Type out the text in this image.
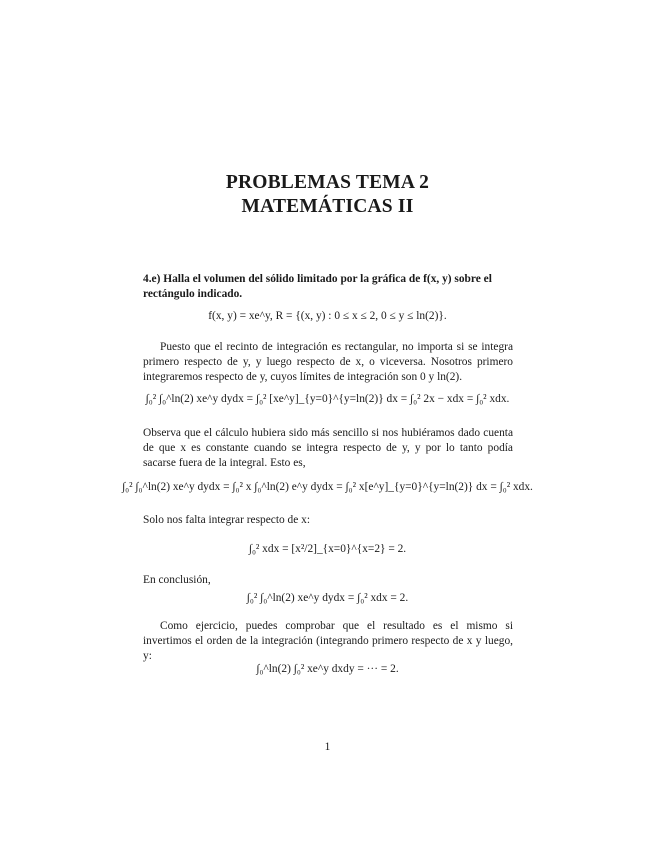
PROBLEMAS TEMA 2
MATEMÁTICAS II
4.e) Halla el volumen del sólido limitado por la gráfica de f(x, y) sobre el rectángulo indicado.
f(x, y) = xe^y, R = {(x, y) : 0 ≤ x ≤ 2, 0 ≤ y ≤ ln(2)}.
Puesto que el recinto de integración es rectangular, no importa si se integra primero respecto de y, y luego respecto de x, o viceversa. Nosotros primero integraremos respecto de y, cuyos límites de integración son 0 y ln(2).
∫₀² ∫₀^ln(2) xe^y dydx = ∫₀² [xe^y]_{y=0}^{y=ln(2)} dx = ∫₀² 2x − xdx = ∫₀² xdx.
Observa que el cálculo hubiera sido más sencillo si nos hubiéramos dado cuenta de que x es constante cuando se integra respecto de y, y por lo tanto podía sacarse fuera de la integral. Esto es,
∫₀² ∫₀^ln(2) xe^y dydx = ∫₀² x ∫₀^ln(2) e^y dydx = ∫₀² x[e^y]_{y=0}^{y=ln(2)} dx = ∫₀² xdx.
Solo nos falta integrar respecto de x:
∫₀² xdx = [x²/2]_{x=0}^{x=2} = 2.
En conclusión,
∫₀² ∫₀^ln(2) xe^y dydx = ∫₀² xdx = 2.
Como ejercicio, puedes comprobar que el resultado es el mismo si invertimos el orden de la integración (integrando primero respecto de x y luego, y:
∫₀^ln(2) ∫₀² xe^y dxdy = ··· = 2.
1
